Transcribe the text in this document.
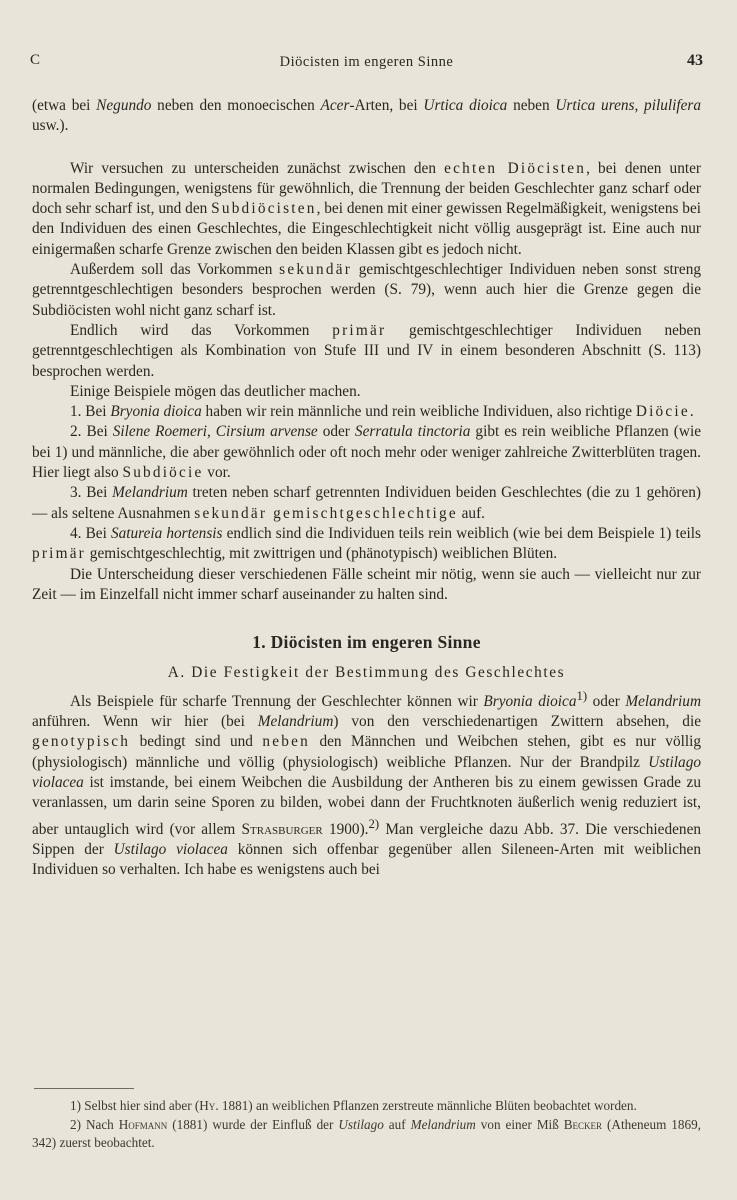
C	Diöcisten im engeren Sinne	43

(etwa bei Negundo neben den monoecischen Acer-Arten, bei Urtica dioica neben Urtica urens, pilulifera usw.).

Wir versuchen zu unterscheiden zunächst zwischen den echten Diöcisten, bei denen unter normalen Bedingungen, wenigstens für gewöhnlich, die Trennung der beiden Geschlechter ganz scharf oder doch sehr scharf ist, und den Subdiöcisten, bei denen mit einer gewissen Regelmäßigkeit, wenigstens bei den Individuen des einen Geschlechtes, die Eingeschlechtigkeit nicht völlig ausgeprägt ist. Eine auch nur einigermaßen scharfe Grenze zwischen den beiden Klassen gibt es jedoch nicht.

Außerdem soll das Vorkommen sekundär gemischtgeschlechtiger Individuen neben sonst streng getrenntgeschlechtigen besonders besprochen werden (S. 79), wenn auch hier die Grenze gegen die Subdiöcisten wohl nicht ganz scharf ist.

Endlich wird das Vorkommen primär gemischtgeschlechtiger Individuen neben getrenntgeschlechtigen als Kombination von Stufe III und IV in einem besonderen Abschnitt (S. 113) besprochen werden.

Einige Beispiele mögen das deutlicher machen.

1. Bei Bryonia dioica haben wir rein männliche und rein weibliche Individuen, also richtige Diöcie.

2. Bei Silene Roemeri, Cirsium arvense oder Serratula tinctoria gibt es rein weibliche Pflanzen (wie bei 1) und männliche, die aber gewöhnlich oder oft noch mehr oder weniger zahlreiche Zwitterblüten tragen. Hier liegt also Subdiöcie vor.

3. Bei Melandrium treten neben scharf getrennten Individuen beiden Geschlechtes (die zu 1 gehören) — als seltene Ausnahmen sekundär gemischtgeschlechtige auf.

4. Bei Satureia hortensis endlich sind die Individuen teils rein weiblich (wie bei dem Beispiele 1) teils primär gemischtgeschlechtig, mit zwittrigen und (phänotypisch) weiblichen Blüten.

Die Unterscheidung dieser verschiedenen Fälle scheint mir nötig, wenn sie auch — vielleicht nur zur Zeit — im Einzelfall nicht immer scharf auseinander zu halten sind.

1. Diöcisten im engeren Sinne
A. Die Festigkeit der Bestimmung des Geschlechtes

Als Beispiele für scharfe Trennung der Geschlechter können wir Bryonia dioica$^{1)}$ oder Melandrium anführen. Wenn wir hier (bei Melandrium) von den verschiedenartigen Zwittern absehen, die genotypisch bedingt sind und neben den Männchen und Weibchen stehen, gibt es nur völlig (physiologisch) männliche und völlig (physiologisch) weibliche Pflanzen. Nur der Brandpilz Ustilago violacea ist imstande, bei einem Weibchen die Ausbildung der Antheren bis zu einem gewissen Grade zu veranlassen, um darin seine Sporen zu bilden, wobei dann der Fruchtknoten äußerlich wenig reduziert ist, aber untauglich wird (vor allem Strasburger 1900).$^{2)}$ Man vergleiche dazu Abb. 37. Die verschiedenen Sippen der Ustilago violacea können sich offenbar gegenüber allen Sileneen-Arten mit weiblichen Individuen so verhalten. Ich habe es wenigstens auch bei

1) Selbst hier sind aber (Hy. 1881) an weiblichen Pflanzen zerstreute männliche Blüten beobachtet worden.

2) Nach Hofmann (1881) wurde der Einfluß der Ustilago auf Melandrium von einer Miß Becker (Atheneum 1869, 342) zuerst beobachtet.
